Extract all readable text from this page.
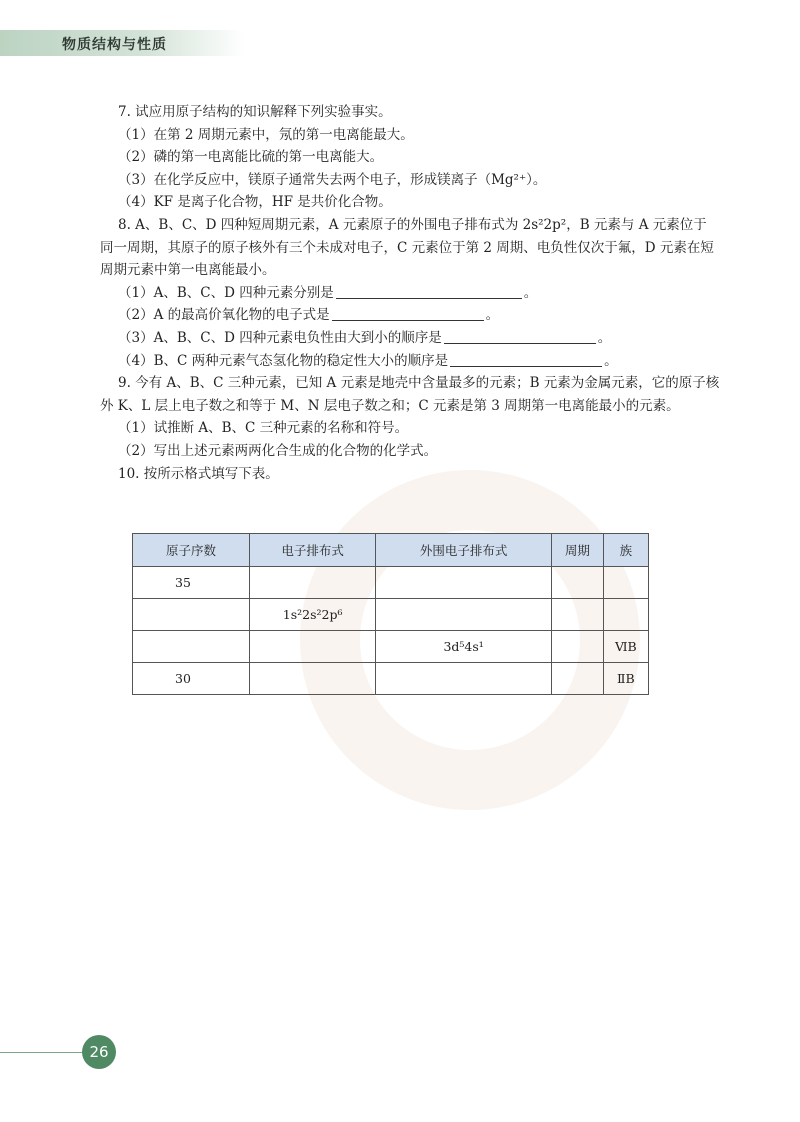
物质结构与性质

7. 试应用原子结构的知识解释下列实验事实。

（1）在第 2 周期元素中，氖的第一电离能最大。

（2）磷的第一电离能比硫的第一电离能大。

（3）在化学反应中，镁原子通常失去两个电子，形成镁离子（Mg²⁺）。

（4）KF 是离子化合物，HF 是共价化合物。

8. A、B、C、D 四种短周期元素，A 元素原子的外围电子排布式为 2s²2p²，B 元素与 A 元素位于同一周期，其原子的原子核外有三个未成对电子，C 元素位于第 2 周期、电负性仅次于氟，D 元素在短周期元素中第一电离能最小。

（1）A、B、C、D 四种元素分别是	。

（2）A 的最高价氧化物的电子式是	。

（3）A、B、C、D 四种元素电负性由大到小的顺序是	。

（4）B、C 两种元素气态氢化物的稳定性大小的顺序是	。

9. 今有 A、B、C 三种元素，已知 A 元素是地壳中含量最多的元素；B 元素为金属元素，它的原子核外 K、L 层上电子数之和等于 M、N 层电子数之和；C 元素是第 3 周期第一电离能最小的元素。

（1）试推断 A、B、C 三种元素的名称和符号。

（2）写出上述元素两两化合生成的化合物的化学式。

10. 按所示格式填写下表。

原子序数	电子排布式	外围电子排布式	周期	族
35				
	1s²2s²2p⁶			
		3d⁵4s¹		ⅥB
30				ⅡB
26
